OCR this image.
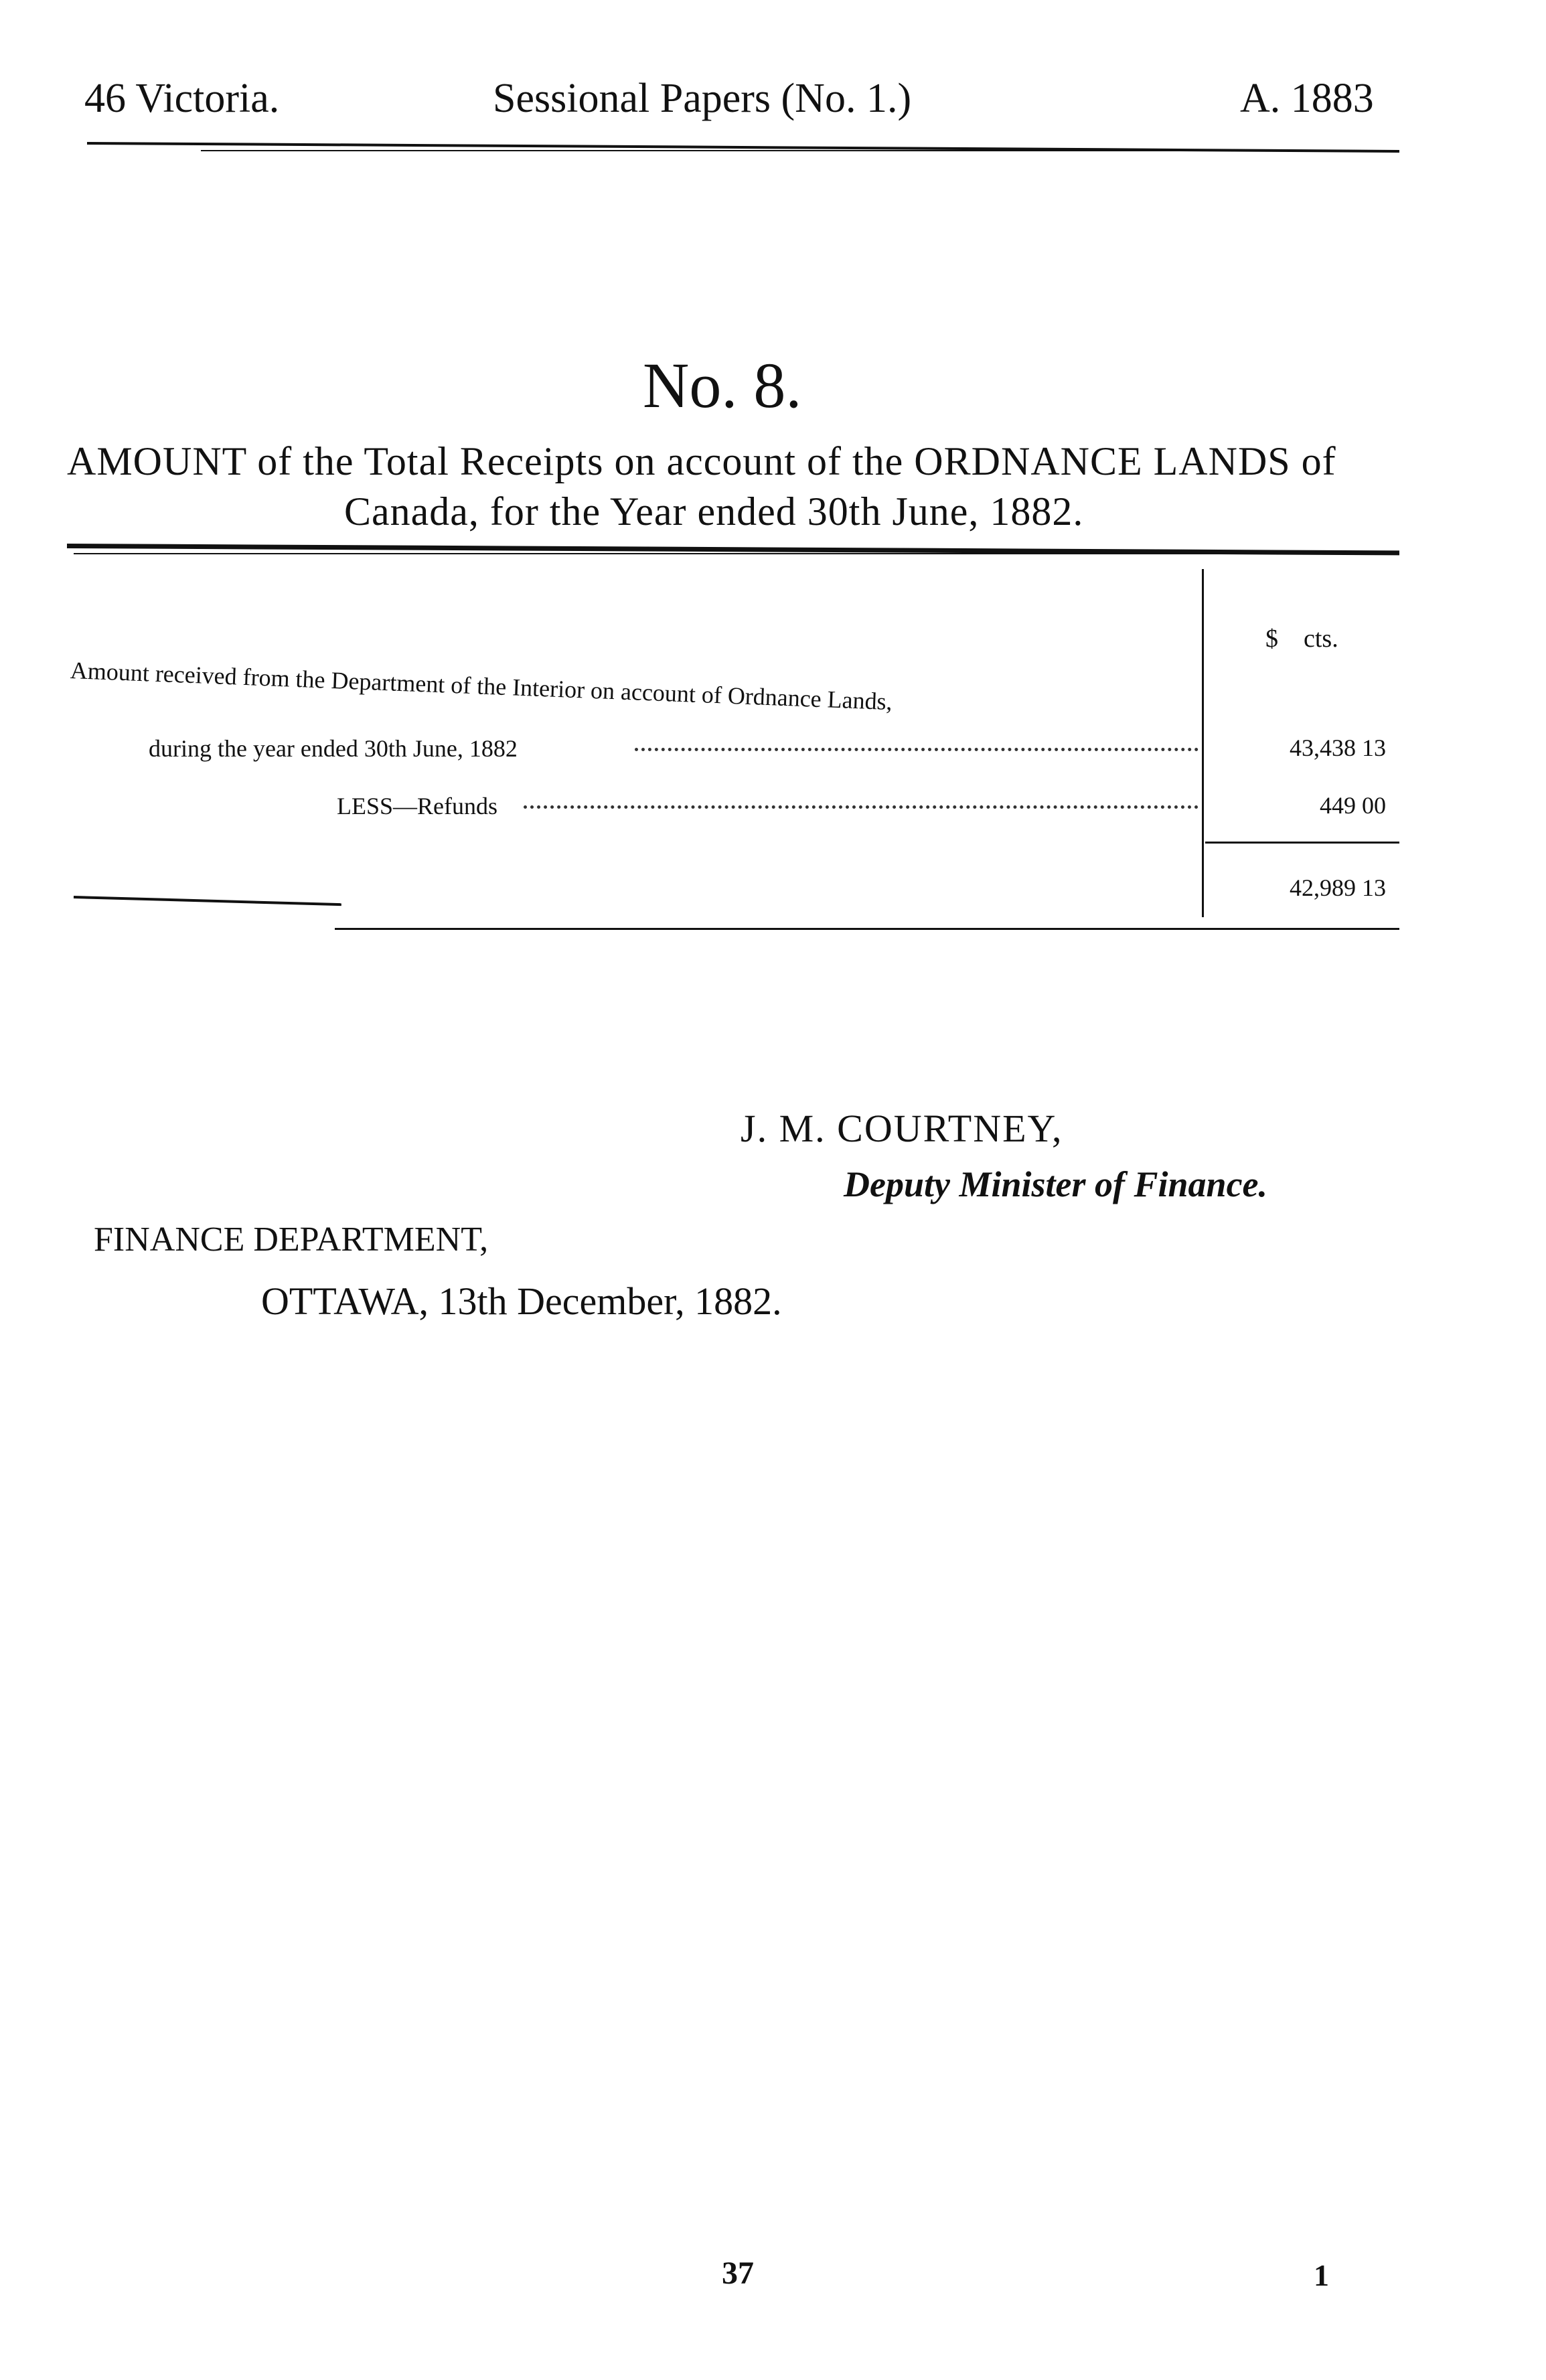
46 Victoria.	Sessional Papers (No. 1.)	A. 1883
No. 8.
AMOUNT of the Total Receipts on account of the ORDNANCE LANDS of
Canada, for the Year ended 30th June, 1882.
$    cts.
Amount received from the Department of the Interior on account of Ordnance Lands,
during the year ended 30th June, 1882	43,438 13
LESS—Refunds	449 00
42,989 13
J. M. COURTNEY,
Deputy Minister of Finance.
FINANCE DEPARTMENT,
OTTAWA, 13th December, 1882.
37	1
